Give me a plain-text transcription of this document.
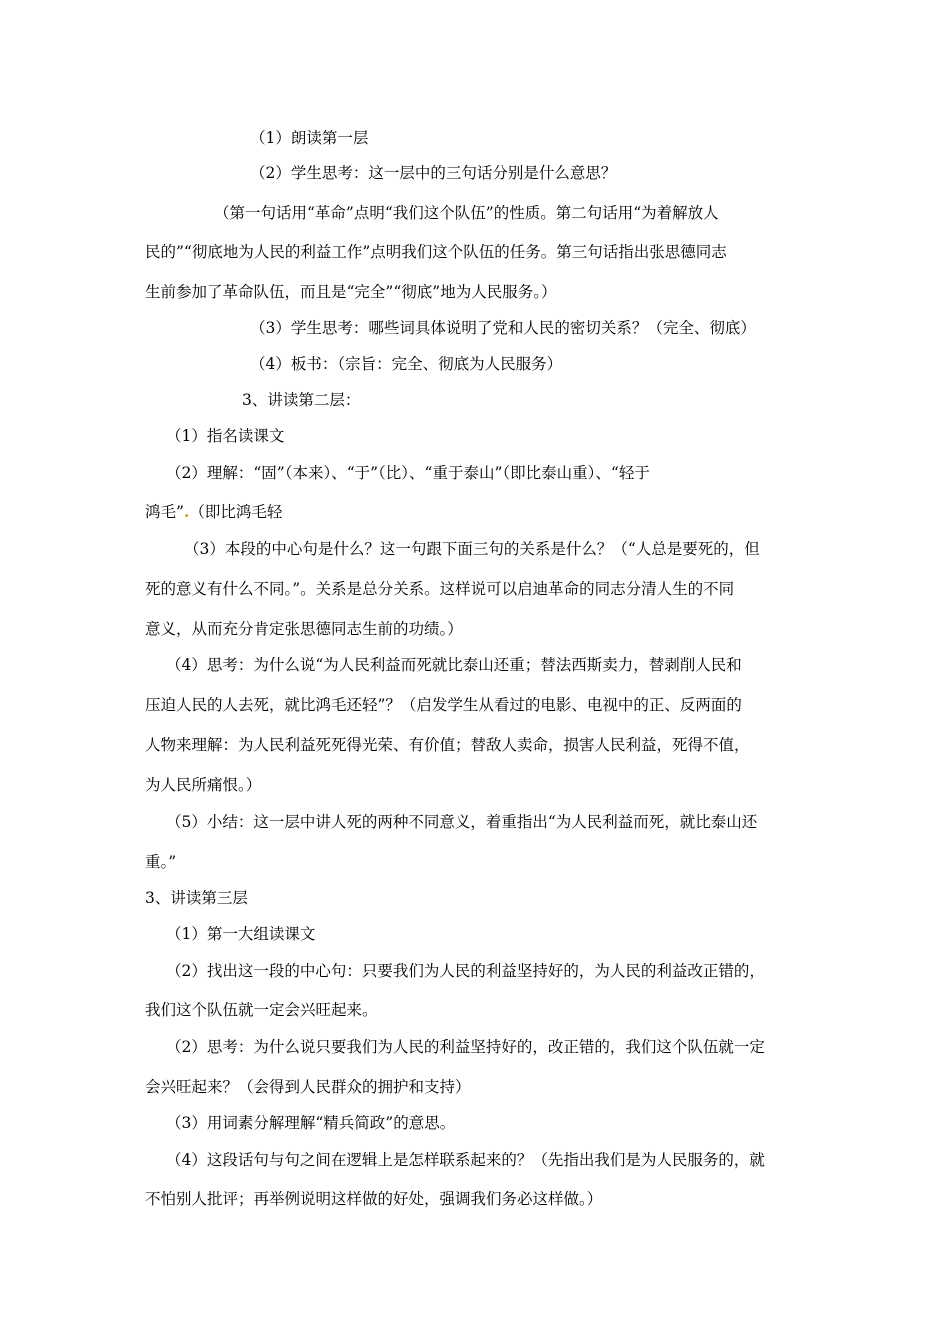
（1）朗读第一层
（2）学生思考：这一层中的三句话分别是什么意思？
（第一句话用“革命”点明“我们这个队伍”的性质。第二句话用“为着解放人
民的”“彻底地为人民的利益工作”点明我们这个队伍的任务。第三句话指出张思德同志
生前参加了革命队伍，而且是“完全”“彻底”地为人民服务。）
（3）学生思考：哪些词具体说明了党和人民的密切关系？（完全、彻底）
（4）板书：（宗旨：完全、彻底为人民服务）
3、讲读第二层：
（1）指名读课文
（2）理解：“固”（本来）、“于”（比）、“重于泰山”（即比泰山重）、“轻于
鸿毛”.（即比鸿毛轻
（3）本段的中心句是什么？这一句跟下面三句的关系是什么？（“人总是要死的，但
死的意义有什么不同。”。关系是总分关系。这样说可以启迪革命的同志分清人生的不同
意义，从而充分肯定张思德同志生前的功绩。）
（4）思考：为什么说“为人民利益而死就比泰山还重；替法西斯卖力，替剥削人民和
压迫人民的人去死，就比鸿毛还轻”？（启发学生从看过的电影、电视中的正、反两面的
人物来理解：为人民利益死死得光荣、有价值；替敌人卖命，损害人民利益，死得不值，
为人民所痛恨。）
（5）小结：这一层中讲人死的两种不同意义，着重指出“为人民利益而死，就比泰山还
重。”
3、讲读第三层
（1）第一大组读课文
（2）找出这一段的中心句：只要我们为人民的利益坚持好的，为人民的利益改正错的，
我们这个队伍就一定会兴旺起来。
（2）思考：为什么说只要我们为人民的利益坚持好的，改正错的，我们这个队伍就一定
会兴旺起来？（会得到人民群众的拥护和支持）
（3）用词素分解理解“精兵简政”的意思。
（4）这段话句与句之间在逻辑上是怎样联系起来的？（先指出我们是为人民服务的，就
不怕别人批评；再举例说明这样做的好处，强调我们务必这样做。）
